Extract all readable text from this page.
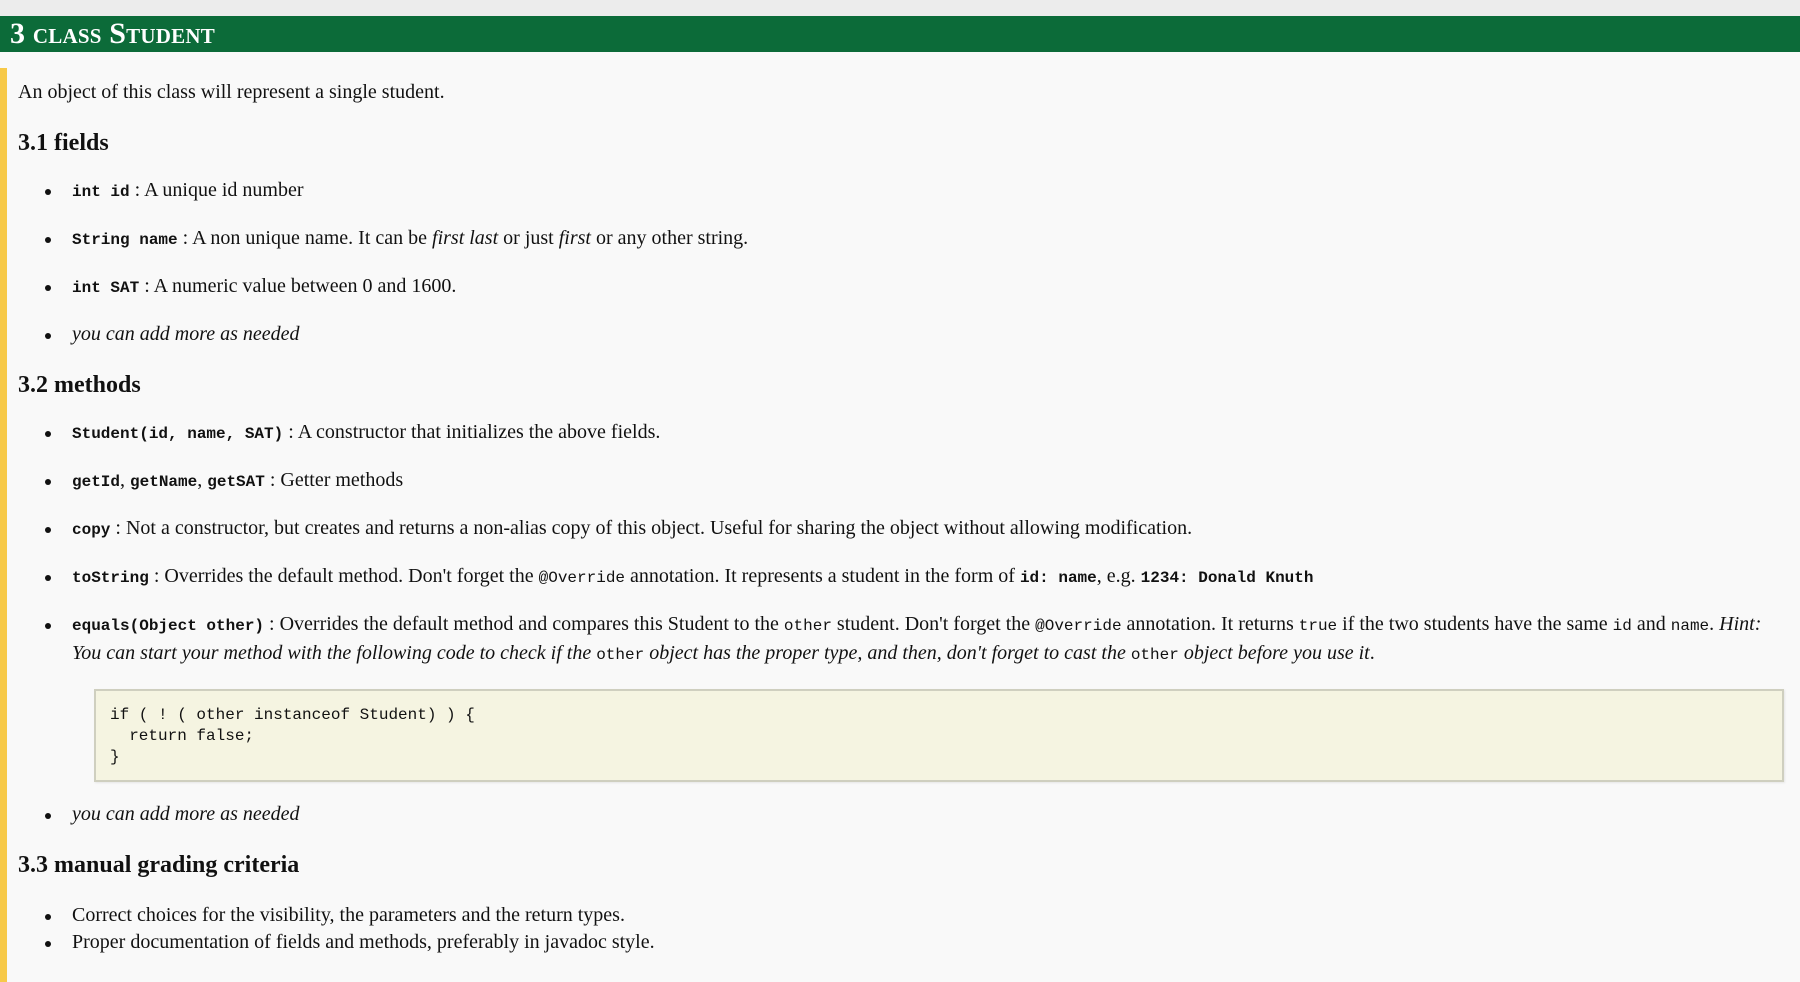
3 class Student

An object of this class will represent a single student.

3.1 fields
int id : A unique id number
String name : A non unique name. It can be first last or just first or any other string.
int SAT : A numeric value between 0 and 1600.
you can add more as needed
3.2 methods
Student(id, name, SAT) : A constructor that initializes the above fields.
getId, getName, getSAT : Getter methods
copy : Not a constructor, but creates and returns a non-alias copy of this object. Useful for sharing the object without allowing modification.
toString : Overrides the default method. Don't forget the @Override annotation. It represents a student in the form of id: name, e.g. 1234: Donald Knuth
equals(Object other) : Overrides the default method and compares this Student to the other student. Don't forget the @Override annotation. It returns true if the two students have the same id and name. Hint: You can start your method with the following code to check if the other object has the proper type, and then, don't forget to cast the other object before you use it.
if ( ! ( other instanceof Student) ) {
return false;
}
you can add more as needed
3.3 manual grading criteria
Correct choices for the visibility, the parameters and the return types.
Proper documentation of fields and methods, preferably in javadoc style.
